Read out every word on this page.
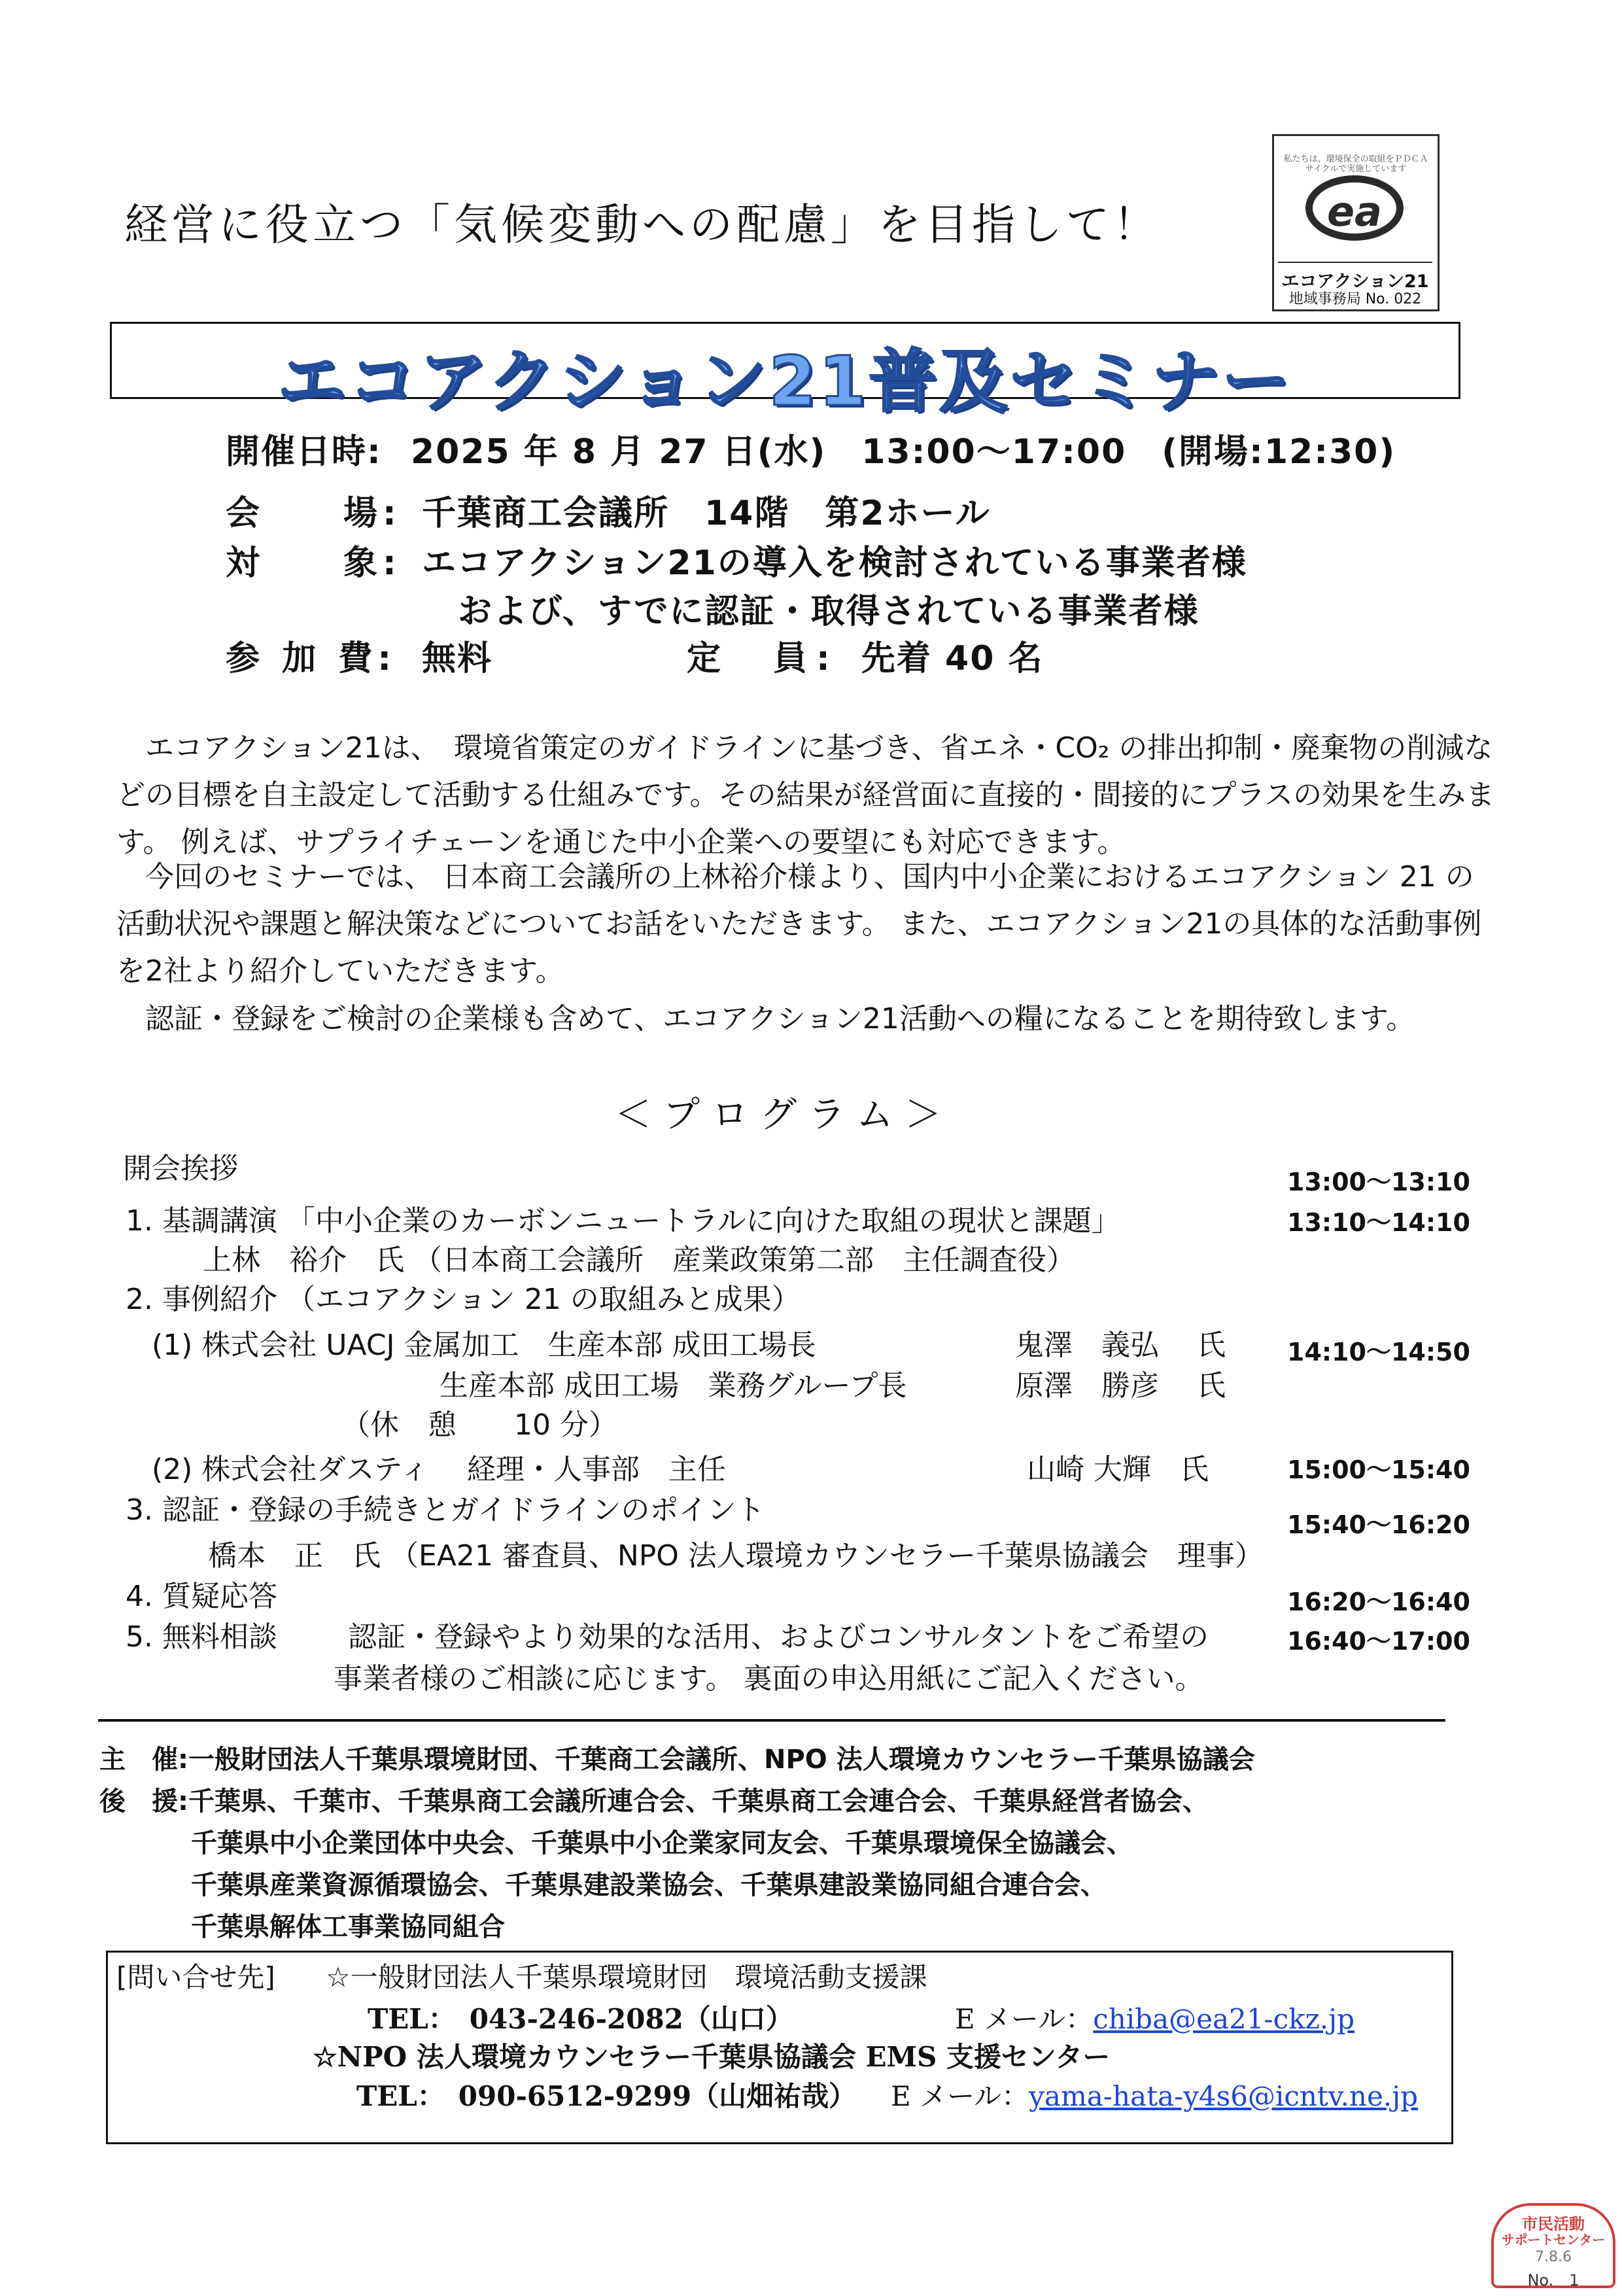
経営に役立つ「気候変動への配慮」を目指して！
私たちは、環境保全の取組をＰＤＣＡサイクルで実施しています
ea
エコアクション21
地域事務局 No. 022
エコアクション21普及セミナー
開催日時: 2025 年 8 月 27 日(水)　13:00～17:00　(開場:12:30)
会　　場: 千葉商工会議所　14階　第2ホール
対　　象: エコアクション21の導入を検討されている事業者様
および、すでに認証・取得されている事業者様
参 加 費: 無料	定　員: 先着 40 名

エコアクション21は、　環境省策定のガイドラインに基づき、省エネ・CO₂ の排出抑制・廃棄物の削減などの目標を自主設定して活動する仕組みです。その結果が経営面に直接的・間接的にプラスの効果を生みます。 例えば、サプライチェーンを通じた中小企業への要望にも対応できます。

今回のセミナーでは、 日本商工会議所の上林裕介様より、国内中小企業におけるエコアクション 21 の活動状況や課題と解決策などについてお話をいただきます。 また、エコアクション21の具体的な活動事例を2社より紹介していただきます。

認証・登録をご検討の企業様も含めて、エコアクション21活動への糧になることを期待致します。

＜プログラム＞
開会挨拶	13:00～13:10
1. 基調講演 「中小企業のカーボンニュートラルに向けた取組の現状と課題」	13:10～14:10
上林　裕介　氏 （日本商工会議所　産業政策第二部　主任調査役）
2. 事例紹介 （エコアクション 21 の取組みと成果）
(1) 株式会社 UACJ 金属加工　生産本部 成田工場長	鬼澤　義弘　 氏 14:10～14:50
生産本部 成田工場　業務グループ長	原澤　勝彦　 氏
（休　憩　　10 分）
(2) 株式会社ダスティ　 経理・人事部　主任	山崎 大輝　氏	15:00～15:40
3. 認証・登録の手続きとガイドラインのポイント	15:40～16:20
橋本　正　氏 （EA21 審査員、NPO 法人環境カウンセラー千葉県協議会　理事）
4. 質疑応答	16:20～16:40
5. 無料相談 認証・登録やより効果的な活用、およびコンサルタントをご希望の	16:40～17:00
事業者様のご相談に応じます。 裏面の申込用紙にご記入ください。
主　催:一般財団法人千葉県環境財団、千葉商工会議所、NPO 法人環境カウンセラー千葉県協議会
後　援:千葉県、千葉市、千葉県商工会議所連合会、千葉県商工会連合会、千葉県経営者協会、
千葉県中小企業団体中央会、千葉県中小企業家同友会、千葉県環境保全協議会、
千葉県産業資源循環協会、千葉県建設業協会、千葉県建設業協同組合連合会、
千葉県解体工事業協同組合
[問い合せ先] ☆一般財団法人千葉県環境財団　環境活動支援課
TEL：　043-246-2082（山口）	E メール：chiba@ea21-ckz.jp
☆NPO 法人環境カウンセラー千葉県協議会 EMS 支援センター
TEL：　090-6512-9299（山畑祐哉） E メール：yama-hata-y4s6@icntv.ne.jp
市民活動
サポートセンター
7.8.6
No.　1
